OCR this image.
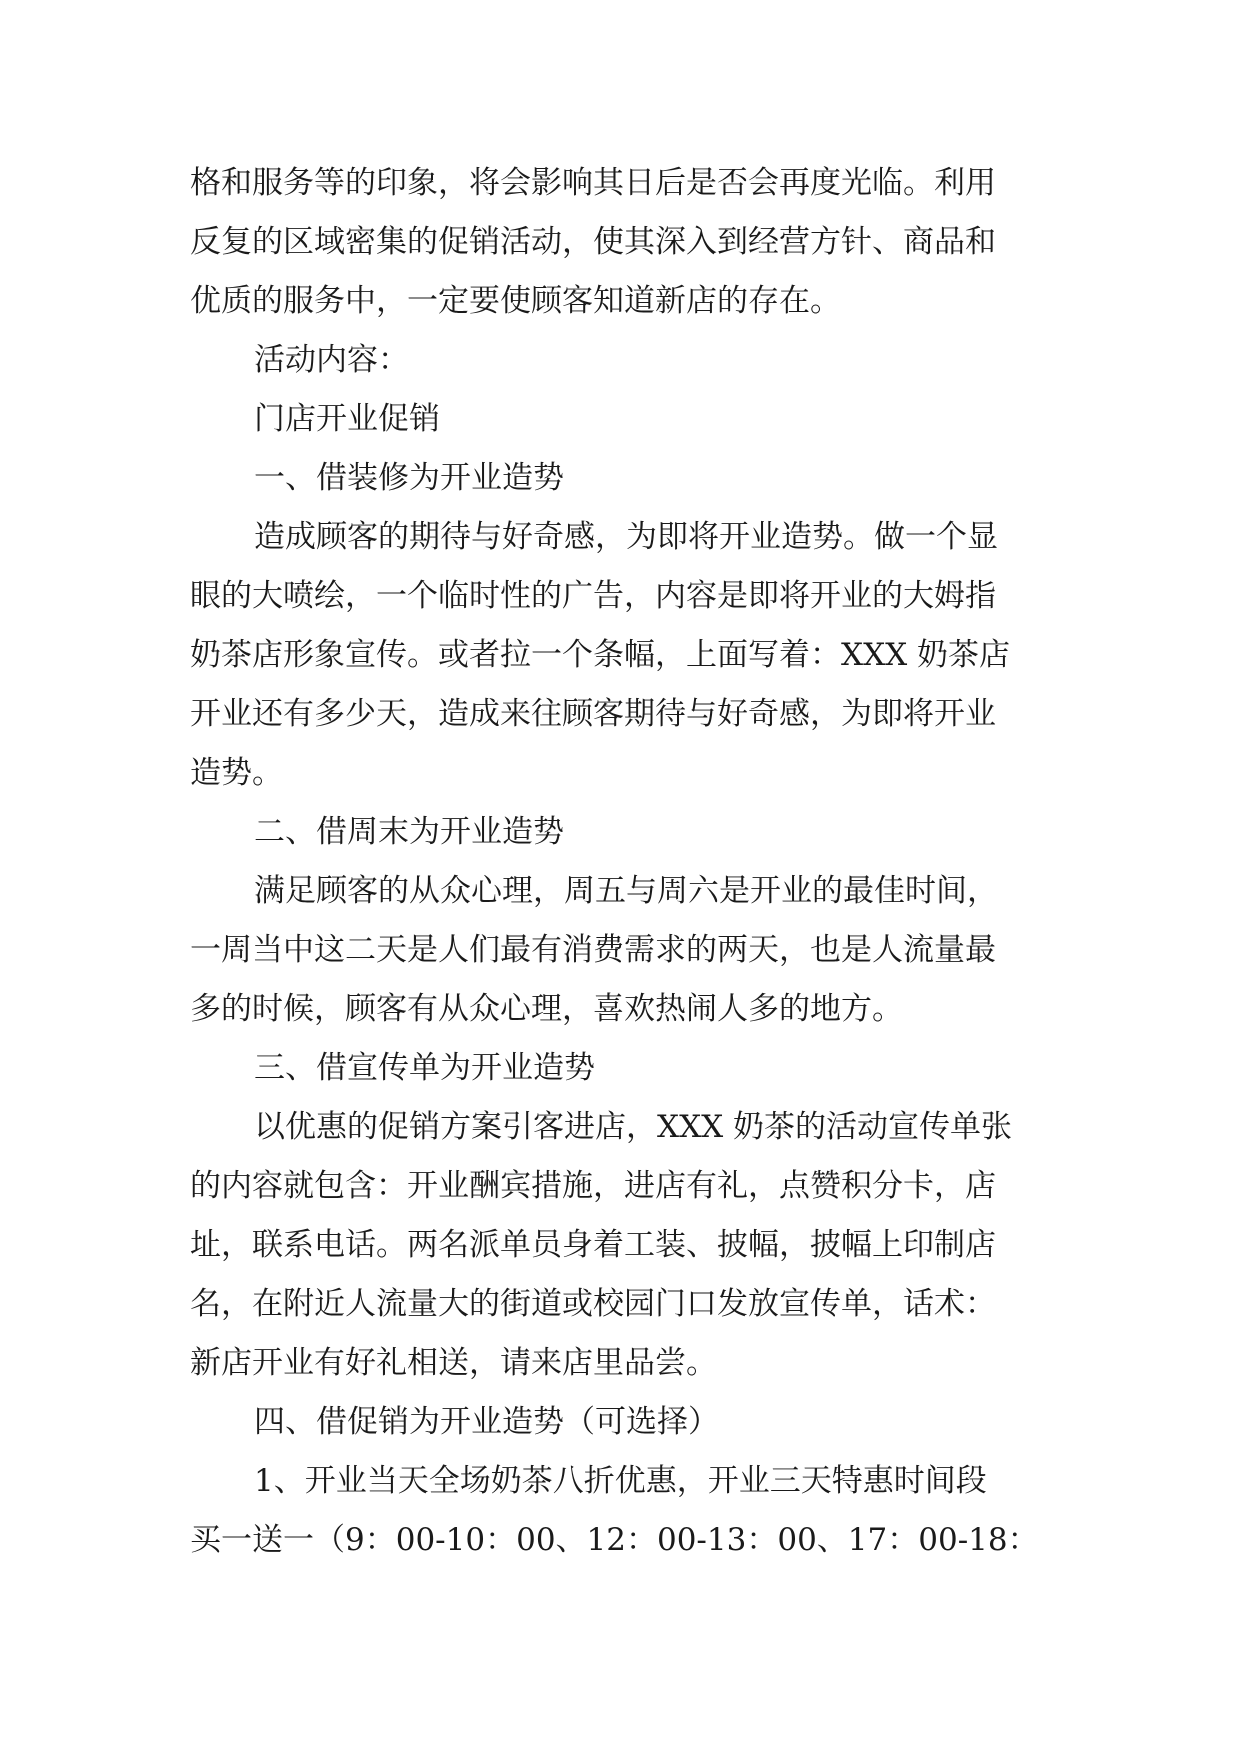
格和服务等的印象，将会影响其日后是否会再度光临。利用
反复的区域密集的促销活动，使其深入到经营方针、商品和
优质的服务中，一定要使顾客知道新店的存在。
活动内容：
门店开业促销
一、借装修为开业造势
造成顾客的期待与好奇感，为即将开业造势。做一个显
眼的大喷绘，一个临时性的广告，内容是即将开业的大姆指
奶茶店形象宣传。或者拉一个条幅，上面写着：XXX 奶茶店
开业还有多少天，造成来往顾客期待与好奇感，为即将开业
造势。
二、借周末为开业造势
满足顾客的从众心理，周五与周六是开业的最佳时间，
一周当中这二天是人们最有消费需求的两天，也是人流量最
多的时候，顾客有从众心理，喜欢热闹人多的地方。
三、借宣传单为开业造势
以优惠的促销方案引客进店，XXX 奶茶的活动宣传单张
的内容就包含：开业酬宾措施，进店有礼，点赞积分卡，店
址，联系电话。两名派单员身着工装、披幅，披幅上印制店
名，在附近人流量大的街道或校园门口发放宣传单，话术：
新店开业有好礼相送，请来店里品尝。
四、借促销为开业造势（可选择）
1、开业当天全场奶茶八折优惠，开业三天特惠时间段
买一送一（9：00-10：00、12：00-13：00、17：00-18：
